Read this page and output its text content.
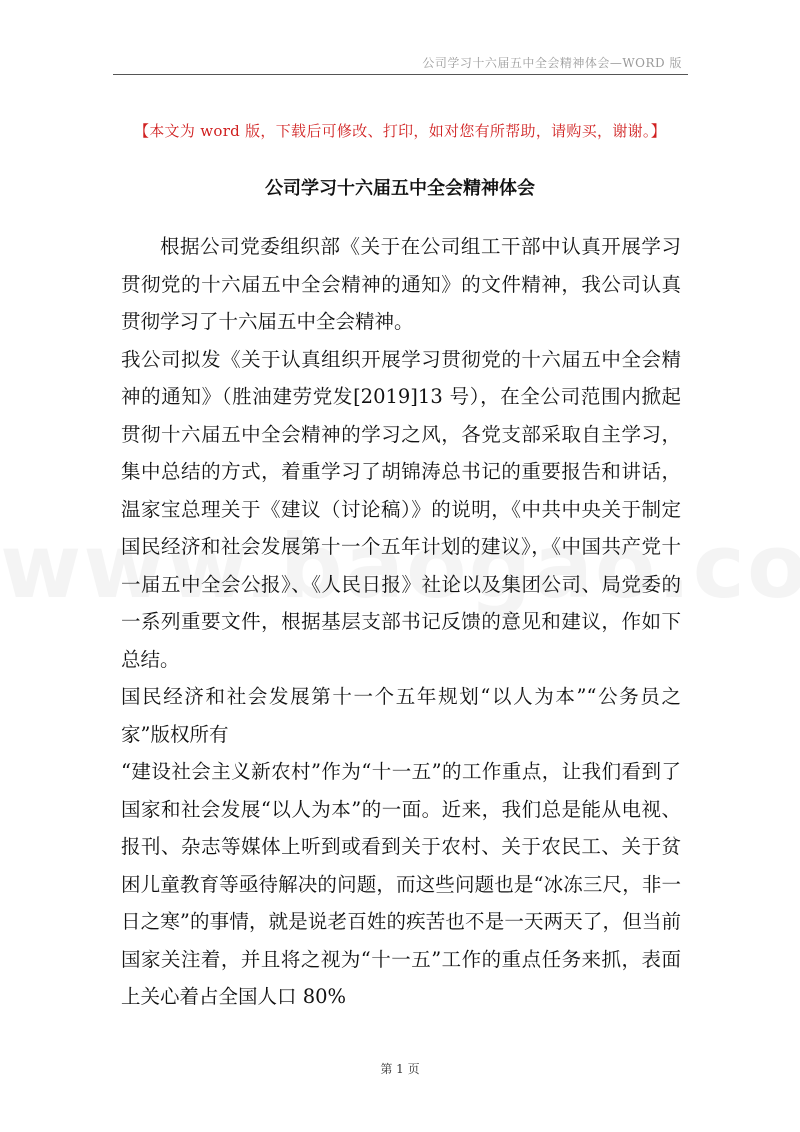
公司学习十六届五中全会精神体会—WORD 版
【本文为 word 版，下载后可修改、打印，如对您有所帮助，请购买，谢谢。】
公司学习十六届五中全会精神体会

根据公司党委组织部《关于在公司组工干部中认真开展学习贯彻党的十六届五中全会精神的通知》的文件精神，我公司认真贯彻学习了十六届五中全会精神。

我公司拟发《关于认真组织开展学习贯彻党的十六届五中全会精神的通知》（胜油建劳党发[2019]13 号），在全公司范围内掀起贯彻十六届五中全会精神的学习之风，各党支部采取自主学习，集中总结的方式，着重学习了胡锦涛总书记的重要报告和讲话，温家宝总理关于《建议（讨论稿）》的说明，《中共中央关于制定国民经济和社会发展第十一个五年计划的建议》，《中国共产党十一届五中全会公报》、《人民日报》社论以及集团公司、局党委的一系列重要文件，根据基层支部书记反馈的意见和建议，作如下总结。

国民经济和社会发展第十一个五年规划“以人为本”“公务员之家”版权所有

“建设社会主义新农村”作为“十一五”的工作重点，让我们看到了国家和社会发展“以人为本”的一面。近来，我们总是能从电视、报刊、杂志等媒体上听到或看到关于农村、关于农民工、关于贫困儿童教育等亟待解决的问题，而这些问题也是“冰冻三尺，非一日之寒”的事情，就是说老百姓的疾苦也不是一天两天了，但当前国家关注着，并且将之视为“十一五”工作的重点任务来抓，表面上关心着占全国人口 80%

第 1 页
